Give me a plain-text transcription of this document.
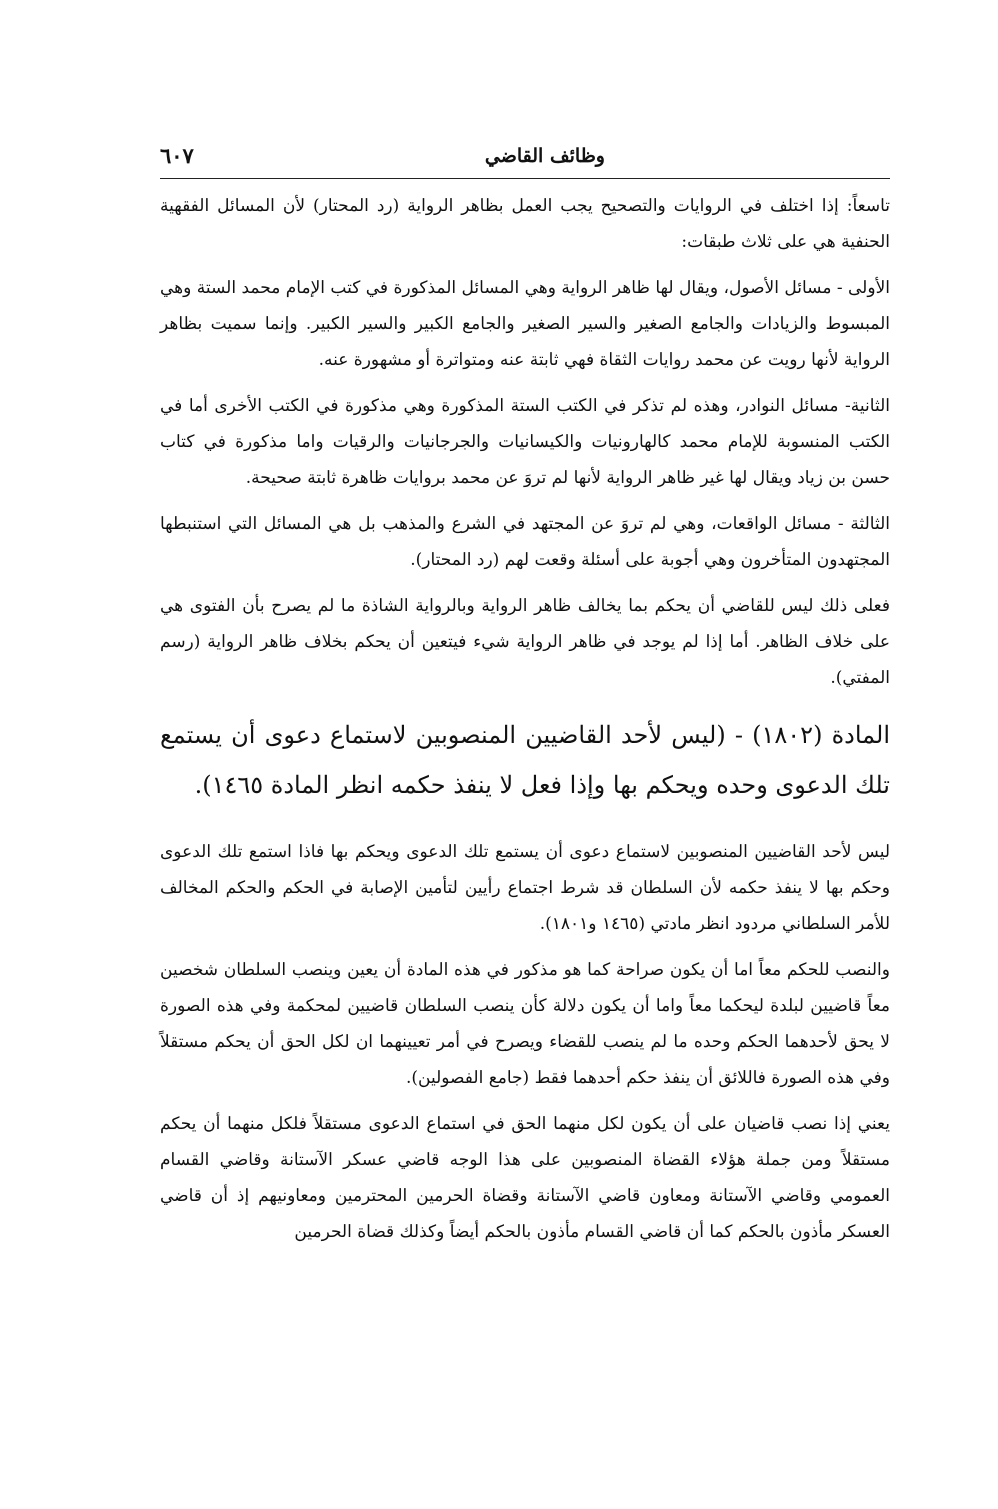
وظائف القاضي
٦٠٧

تاسعاً: إذا اختلف في الروايات والتصحيح يجب العمل بظاهر الرواية (رد المحتار) لأن المسائل الفقهية الحنفية هي على ثلاث طبقات:

الأولى - مسائل الأصول، ويقال لها ظاهر الرواية وهي المسائل المذكورة في كتب الإمام محمد الستة وهي المبسوط والزيادات والجامع الصغير والسير الصغير والجامع الكبير والسير الكبير. وإنما سميت بظاهر الرواية لأنها رويت عن محمد روايات الثقاة فهي ثابتة عنه ومتواترة أو مشهورة عنه.

الثانية- مسائل النوادر، وهذه لم تذكر في الكتب الستة المذكورة وهي مذكورة في الكتب الأخرى أما في الكتب المنسوبة للإمام محمد كالهارونيات والكيسانيات والجرجانيات والرقيات واما مذكورة في كتاب حسن بن زياد ويقال لها غير ظاهر الرواية لأنها لم تروَ عن محمد بروايات ظاهرة ثابتة صحيحة.

الثالثة - مسائل الواقعات، وهي لم تروَ عن المجتهد في الشرع والمذهب بل هي المسائل التي استنبطها المجتهدون المتأخرون وهي أجوبة على أسئلة وقعت لهم (رد المحتار).

فعلى ذلك ليس للقاضي أن يحكم بما يخالف ظاهر الرواية وبالرواية الشاذة ما لم يصرح بأن الفتوى هي على خلاف الظاهر. أما إذا لم يوجد في ظاهر الرواية شيء فيتعين أن يحكم بخلاف ظاهر الرواية (رسم المفتي).

المادة (١٨٠٢) - (ليس لأحد القاضيين المنصوبين لاستماع دعوى أن يستمع تلك الدعوى وحده ويحكم بها وإذا فعل لا ينفذ حكمه انظر المادة ١٤٦٥).

ليس لأحد القاضيين المنصوبين لاستماع دعوى أن يستمع تلك الدعوى ويحكم بها فاذا استمع تلك الدعوى وحكم بها لا ينفذ حكمه لأن السلطان قد شرط اجتماع رأيين لتأمين الإصابة في الحكم والحكم المخالف للأمر السلطاني مردود انظر مادتي (١٤٦٥ و١٨٠١).

والنصب للحكم معاً اما أن يكون صراحة كما هو مذكور في هذه المادة أن يعين وينصب السلطان شخصين معاً قاضيين لبلدة ليحكما معاً واما أن يكون دلالة كأن ينصب السلطان قاضيين لمحكمة وفي هذه الصورة لا يحق لأحدهما الحكم وحده ما لم ينصب للقضاء ويصرح في أمر تعيينهما ان لكل الحق أن يحكم مستقلاً وفي هذه الصورة فاللائق أن ينفذ حكم أحدهما فقط (جامع الفصولين).

يعني إذا نصب قاضيان على أن يكون لكل منهما الحق في استماع الدعوى مستقلاً فلكل منهما أن يحكم مستقلاً ومن جملة هؤلاء القضاة المنصوبين على هذا الوجه قاضي عسكر الآستانة وقاضي القسام العمومي وقاضي الآستانة ومعاون قاضي الآستانة وقضاة الحرمين المحترمين ومعاونيهم إذ أن قاضي العسكر مأذون بالحكم كما أن قاضي القسام مأذون بالحكم أيضاً وكذلك قضاة الحرمين
